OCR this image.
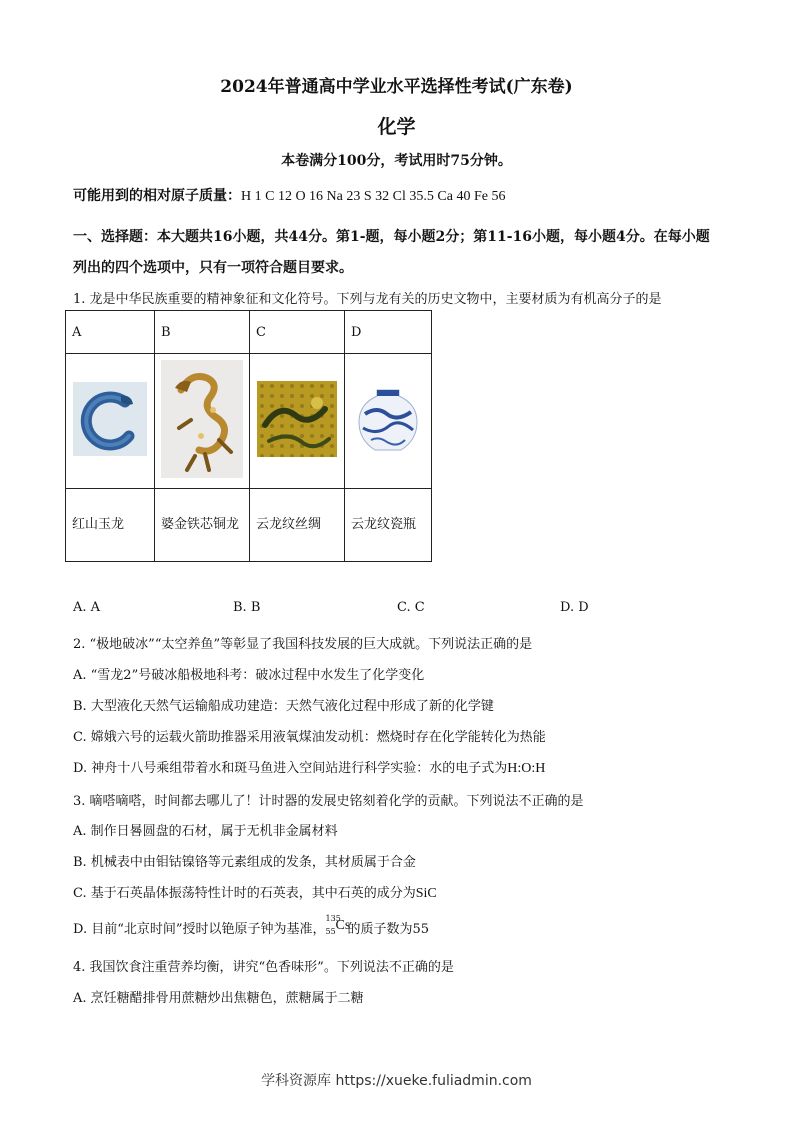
2024年普通高中学业水平选择性考试(广东卷)
化学
本卷满分100分，考试用时75分钟。
可能用到的相对原子质量：H 1 C 12 O 16 Na 23 S 32 Cl 35.5 Ca 40 Fe 56
一、选择题：本大题共16小题，共44分。第1-题，每小题2分；第11-16小题，每小题4分。在每小题列出的四个选项中，只有一项符合题目要求。
1. 龙是中华民族重要的精神象征和文化符号。下列与龙有关的历史文物中，主要材质为有机高分子的是
A	B	C	D

红山玉龙	婆金铁芯铜龙	云龙纹丝绸	云龙纹瓷瓶
A. A	B. B	C. C	D. D
2. “极地破冰”“太空养鱼”等彰显了我国科技发展的巨大成就。下列说法正确的是
A. “雪龙2”号破冰船极地科考：破冰过程中水发生了化学变化
B. 大型液化天然气运输船成功建造：天然气液化过程中形成了新的化学键
C. 嫦娥六号的运载火箭助推器采用液氧煤油发动机：燃烧时存在化学能转化为热能
D. 神舟十八号乘组带着水和斑马鱼进入空间站进行科学实验：水的电子式为H:O:H
3. 嘀嗒嘀嗒，时间都去哪儿了！计时器的发展史铭刻着化学的贡献。下列说法不正确的是
A. 制作日晷圆盘的石材，属于无机非金属材料
B. 机械表中由钼钴镍铬等元素组成的发条，其材质属于合金
C. 基于石英晶体振荡特性计时的石英表，其中石英的成分为SiC
D. 目前“北京时间”授时以铯原子钟为基准，
135
55 Cs
的质子数为55
4. 我国饮食注重营养均衡，讲究“色香味形”。下列说法不正确的是
A. 烹饪糖醋排骨用蔗糖炒出焦糖色，蔗糖属于二糖
学科资源库 https://xueke.fuliadmin.com
